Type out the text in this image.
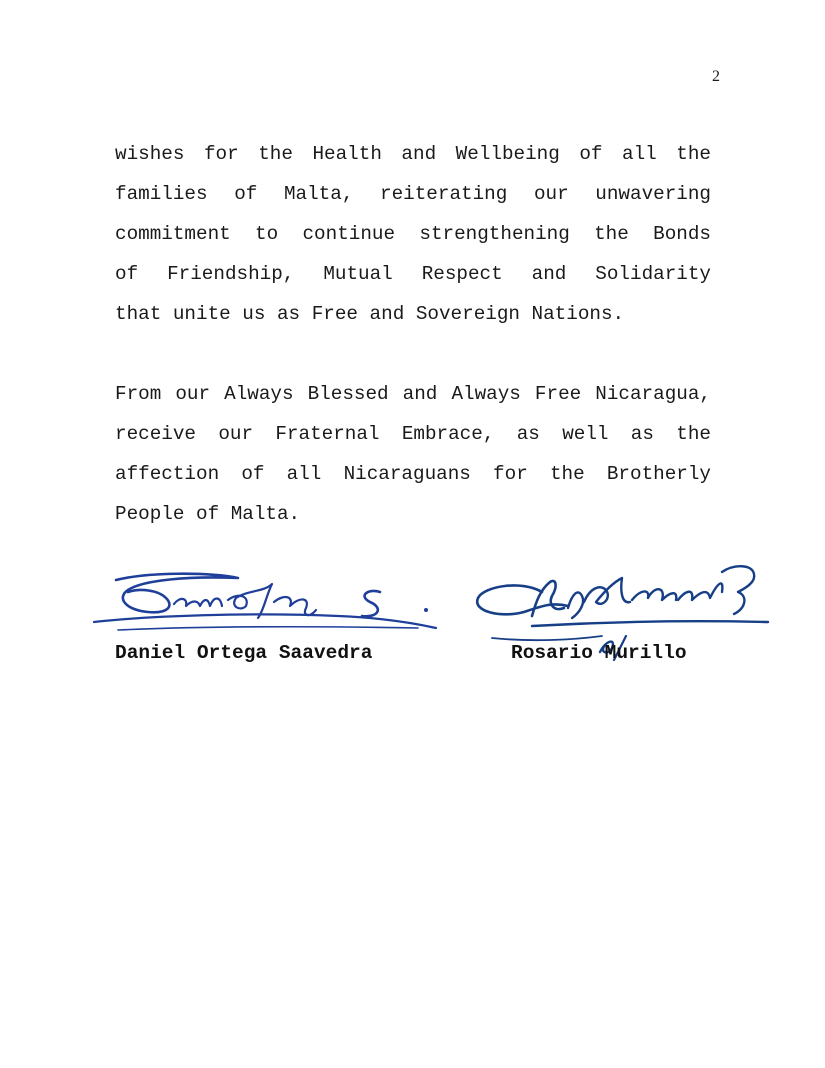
2

wishes for the Health and Wellbeing of all the
families of Malta, reiterating our unwavering
commitment to continue strengthening the Bonds
of Friendship, Mutual Respect and Solidarity
that unite us as Free and Sovereign Nations.

From our Always Blessed and Always Free Nicaragua,
receive our Fraternal Embrace, as well as the
affection of all Nicaraguans for the Brotherly
People of Malta.

Daniel Ortega Saavedra	Rosario Murillo
